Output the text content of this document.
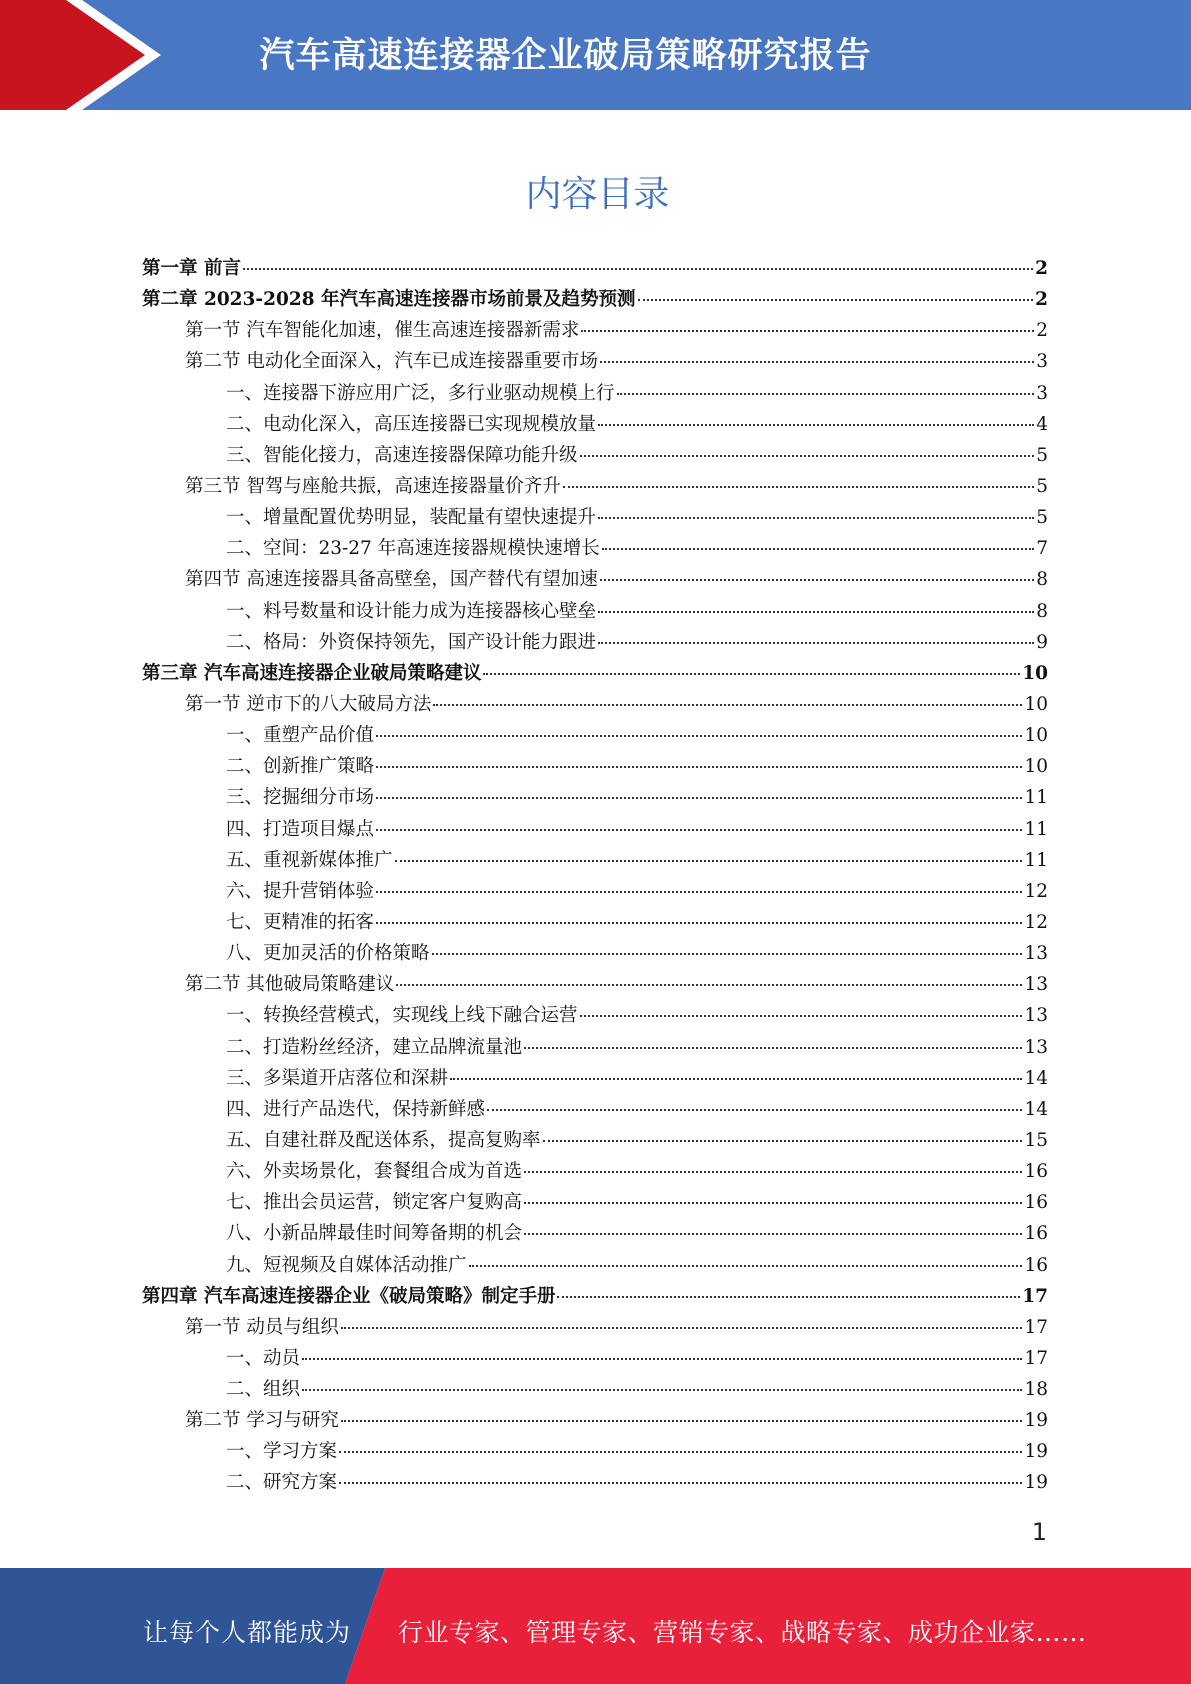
汽车高速连接器企业破局策略研究报告
内容目录
第一章 前言	2
第二章 2023-2028 年汽车高速连接器市场前景及趋势预测	2
第一节 汽车智能化加速，催生高速连接器新需求	2
第二节 电动化全面深入，汽车已成连接器重要市场	3
一、连接器下游应用广泛，多行业驱动规模上行	3
二、电动化深入，高压连接器已实现规模放量	4
三、智能化接力，高速连接器保障功能升级	5
第三节 智驾与座舱共振，高速连接器量价齐升	5
一、增量配置优势明显，装配量有望快速提升	5
二、空间：23-27 年高速连接器规模快速增长	7
第四节 高速连接器具备高壁垒，国产替代有望加速	8
一、料号数量和设计能力成为连接器核心壁垒	8
二、格局：外资保持领先，国产设计能力跟进	9
第三章 汽车高速连接器企业破局策略建议	10
第一节 逆市下的八大破局方法	10
一、重塑产品价值	10
二、创新推广策略	10
三、挖掘细分市场	11
四、打造项目爆点	11
五、重视新媒体推广	11
六、提升营销体验	12
七、更精准的拓客	12
八、更加灵活的价格策略	13
第二节 其他破局策略建议	13
一、转换经营模式，实现线上线下融合运营	13
二、打造粉丝经济，建立品牌流量池	13
三、多渠道开店落位和深耕	14
四、进行产品迭代，保持新鲜感	14
五、自建社群及配送体系，提高复购率	15
六、外卖场景化，套餐组合成为首选	16
七、推出会员运营，锁定客户复购高	16
八、小新品牌最佳时间筹备期的机会	16
九、短视频及自媒体活动推广	16
第四章 汽车高速连接器企业《破局策略》制定手册	17
第一节 动员与组织	17
一、动员	17
二、组织	18
第二节 学习与研究	19
一、学习方案	19
二、研究方案	19
1
让每个人都能成为 行业专家、管理专家、营销专家、战略专家、成功企业家……
